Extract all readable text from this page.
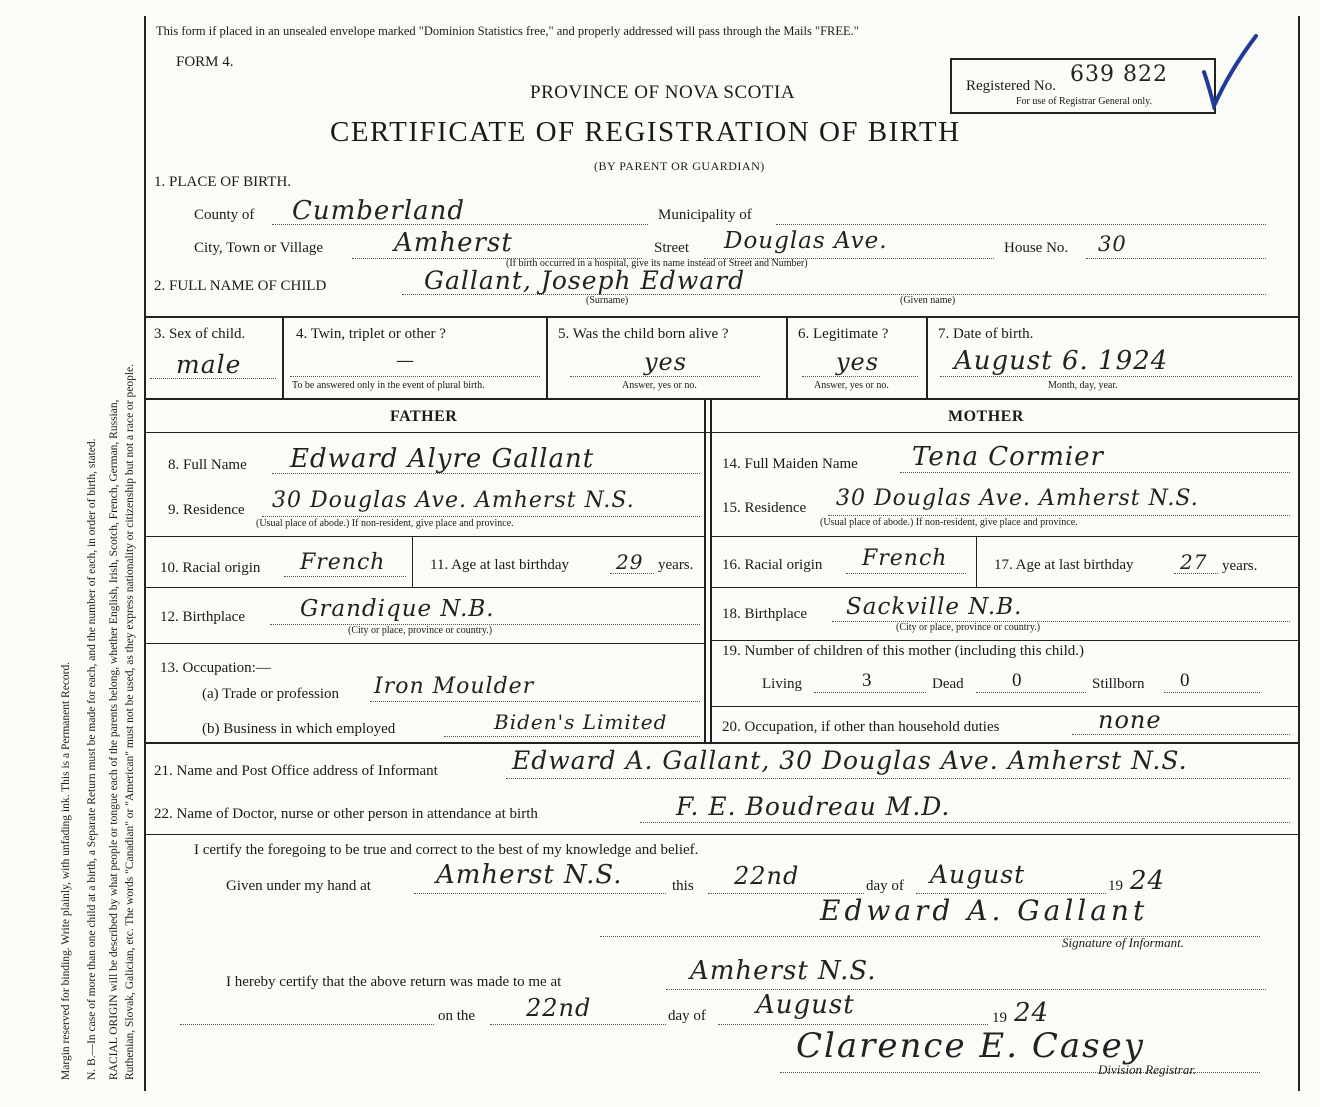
Margin reserved for binding. Write plainly, with unfading ink. This is a Permanent Record. N. B.—In case of more than one child at a birth, a Separate Return must be made for each, and the number of each, in order of birth, stated. RACIAL ORIGIN will be described by what people or tongue each of the parents belong, whether English, Irish, Scotch, French, German, Russian, Ruthenian, Slovak, Galician, etc. The words "Canadian" or "American" must not be used, as they express nationality or citizenship but not a race or people.
This form if placed in an unsealed envelope marked "Dominion Statistics free," and properly addressed will pass through the Mails "FREE."
FORM 4.
PROVINCE OF NOVA SCOTIA
CERTIFICATE OF REGISTRATION OF BIRTH
(BY PARENT OR GUARDIAN)
Registered No. 639 822
For use of Registrar General only.
1. PLACE OF BIRTH.
County of Cumberland	Municipality of
City, Town or Village	Amherst	Street Douglas Ave.	House No. 30
(If birth occurred in a hospital, give its name instead of Street and Number)
2. FULL NAME OF CHILD	Gallant, Joseph Edward
(Surname)	(Given name)
3. Sex of child.
male
4. Twin, triplet or other ?
—
To be answered only in the event of plural birth.
5. Was the child born alive ?
yes
Answer, yes or no.
6. Legitimate ?
yes
Answer, yes or no.
7. Date of birth.
August 6. 1924
Month, day, year.
FATHER	MOTHER
8. Full Name Edward Alyre Gallant
9. Residence 30 Douglas Ave. Amherst N.S.
(Usual place of abode.) If non-resident, give place and province.
10. Racial origin French	11. Age at last birthday 29 years.
12. Birthplace Grandique N.B.
(City or place, province or country.)
13. Occupation:—
(a) Trade or profession Iron Moulder
(b) Business in which employed	Biden's Limited
14. Full Maiden Name Tena Cormier
15. Residence 30 Douglas Ave. Amherst N.S.
(Usual place of abode.) If non-resident, give place and province.
16. Racial origin French	17. Age at last birthday 27 years.
18. Birthplace Sackville N.B.
(City or place, province or country.)
19. Number of children of this mother (including this child.)
Living	3	Dead	0	Stillborn 0
20. Occupation, if other than household duties	none
21. Name and Post Office address of Informant	Edward A. Gallant, 30 Douglas Ave. Amherst N.S.
22. Name of Doctor, nurse or other person in attendance at birth	F. E. Boudreau M.D.
I certify the foregoing to be true and correct to the best of my knowledge and belief.
Given under my hand at	Amherst N.S.	this 22nd	day of August	19 24
Edward A. Gallant
Signature of Informant.
I hereby certify that the above return was made to me at	Amherst N.S.
on the 22nd	day of August	19 24
Clarence E. Casey
Division Registrar.
